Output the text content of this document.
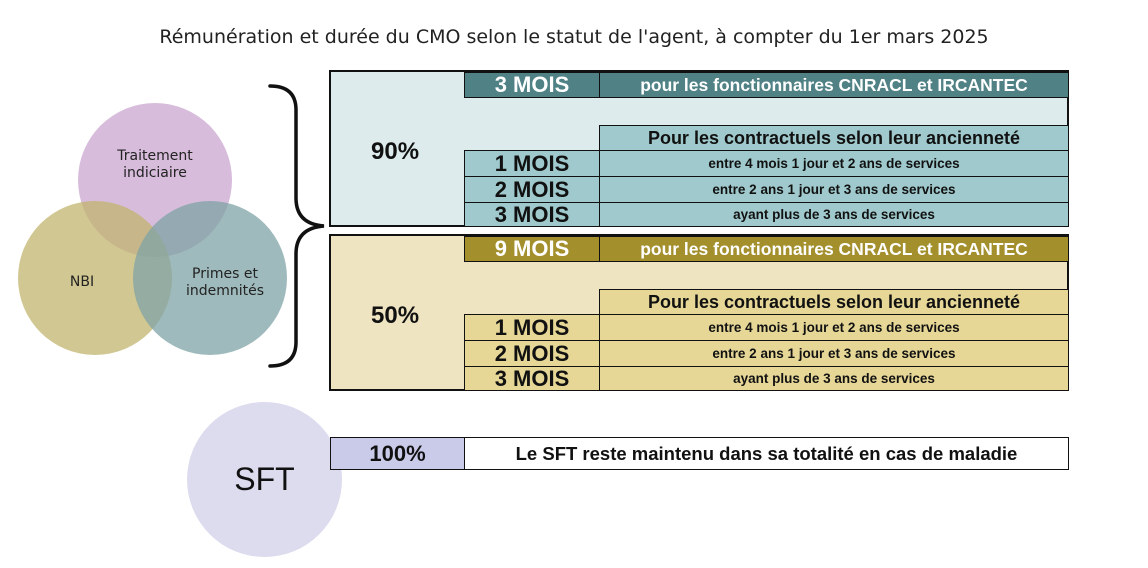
Rémunération et durée du CMO selon le statut de l'agent, à compter du 1er mars 2025
Traitement
indiciaire
NBI	Primes et
indemnités
90%
3 MOIS	pour les fonctionnaires CNRACL et IRCANTEC
Pour les contractuels selon leur ancienneté
1 MOIS	entre 4 mois 1 jour et 2 ans de services
2 MOIS	entre 2 ans 1 jour et 3 ans de services
3 MOIS	ayant plus de 3 ans de services
50%
9 MOIS	pour les fonctionnaires CNRACL et IRCANTEC
Pour les contractuels selon leur ancienneté
1 MOIS	entre 4 mois 1 jour et 2 ans de services
2 MOIS	entre 2 ans 1 jour et 3 ans de services
3 MOIS	ayant plus de 3 ans de services
SFT
100%	Le SFT reste maintenu dans sa totalité en cas de maladie
